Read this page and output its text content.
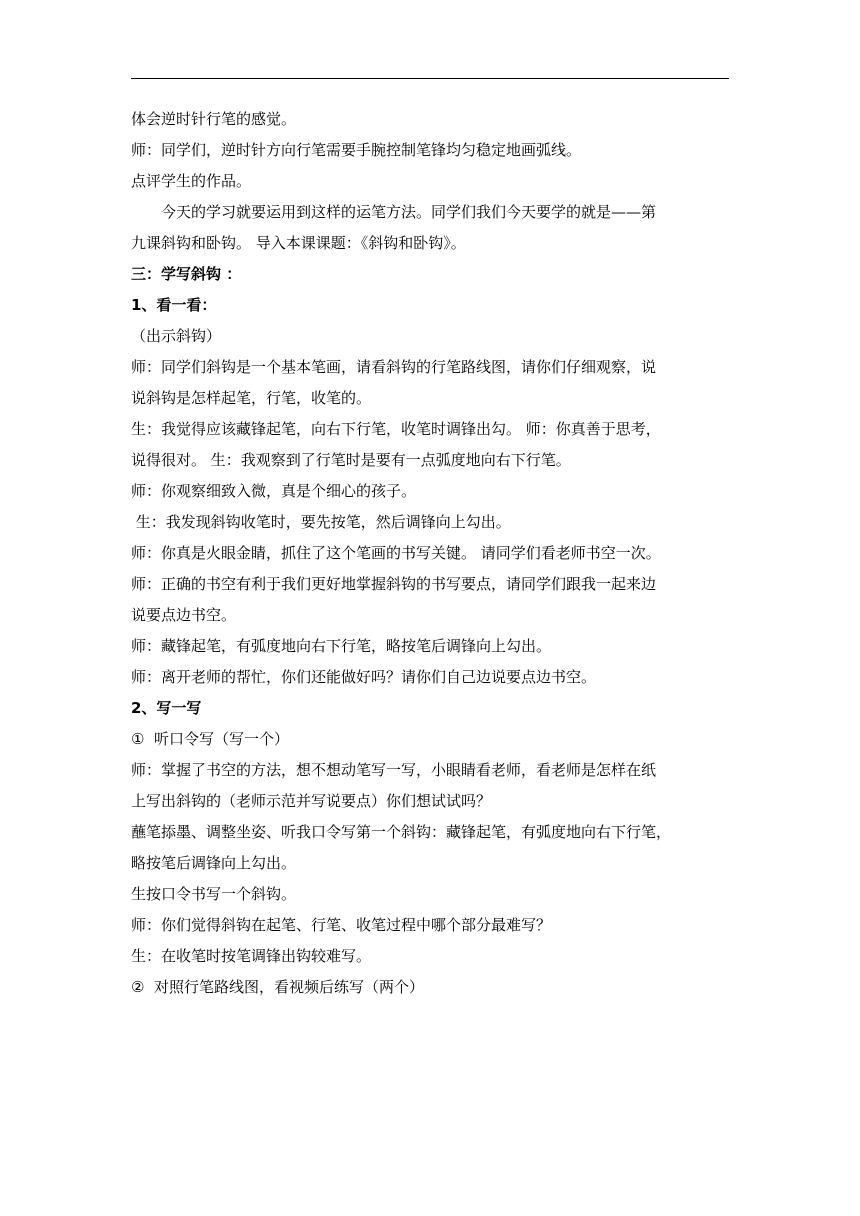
体会逆时针行笔的感觉。
师：同学们，逆时针方向行笔需要手腕控制笔锋均匀稳定地画弧线。
点评学生的作品。
今天的学习就要运用到这样的运笔方法。同学们我们今天要学的就是——第
九课斜钩和卧钩。 导入本课课题：《斜钩和卧钩》。
三：学写斜钩 ：
1、看一看：
（出示斜钩）
师：同学们斜钩是一个基本笔画，请看斜钩的行笔路线图，请你们仔细观察，说
说斜钩是怎样起笔，行笔，收笔的。
生：我觉得应该藏锋起笔，向右下行笔，收笔时调锋出勾。 师：你真善于思考，
说得很对。 生：我观察到了行笔时是要有一点弧度地向右下行笔。
师：你观察细致入微，真是个细心的孩子。
生：我发现斜钩收笔时，要先按笔，然后调锋向上勾出。
师：你真是火眼金睛，抓住了这个笔画的书写关键。 请同学们看老师书空一次。
师：正确的书空有利于我们更好地掌握斜钩的书写要点，请同学们跟我一起来边
说要点边书空。
师：藏锋起笔，有弧度地向右下行笔，略按笔后调锋向上勾出。
师：离开老师的帮忙，你们还能做好吗？请你们自己边说要点边书空。
2、写一写
①  听口令写（写一个）
师：掌握了书空的方法，想不想动笔写一写，小眼睛看老师，看老师是怎样在纸
上写出斜钩的（老师示范并写说要点）你们想试试吗？
蘸笔掭墨、调整坐姿、听我口令写第一个斜钩：藏锋起笔，有弧度地向右下行笔，
略按笔后调锋向上勾出。
生按口令书写一个斜钩。
师：你们觉得斜钩在起笔、行笔、收笔过程中哪个部分最难写？
生：在收笔时按笔调锋出钩较难写。
②  对照行笔路线图，看视频后练写（两个）
